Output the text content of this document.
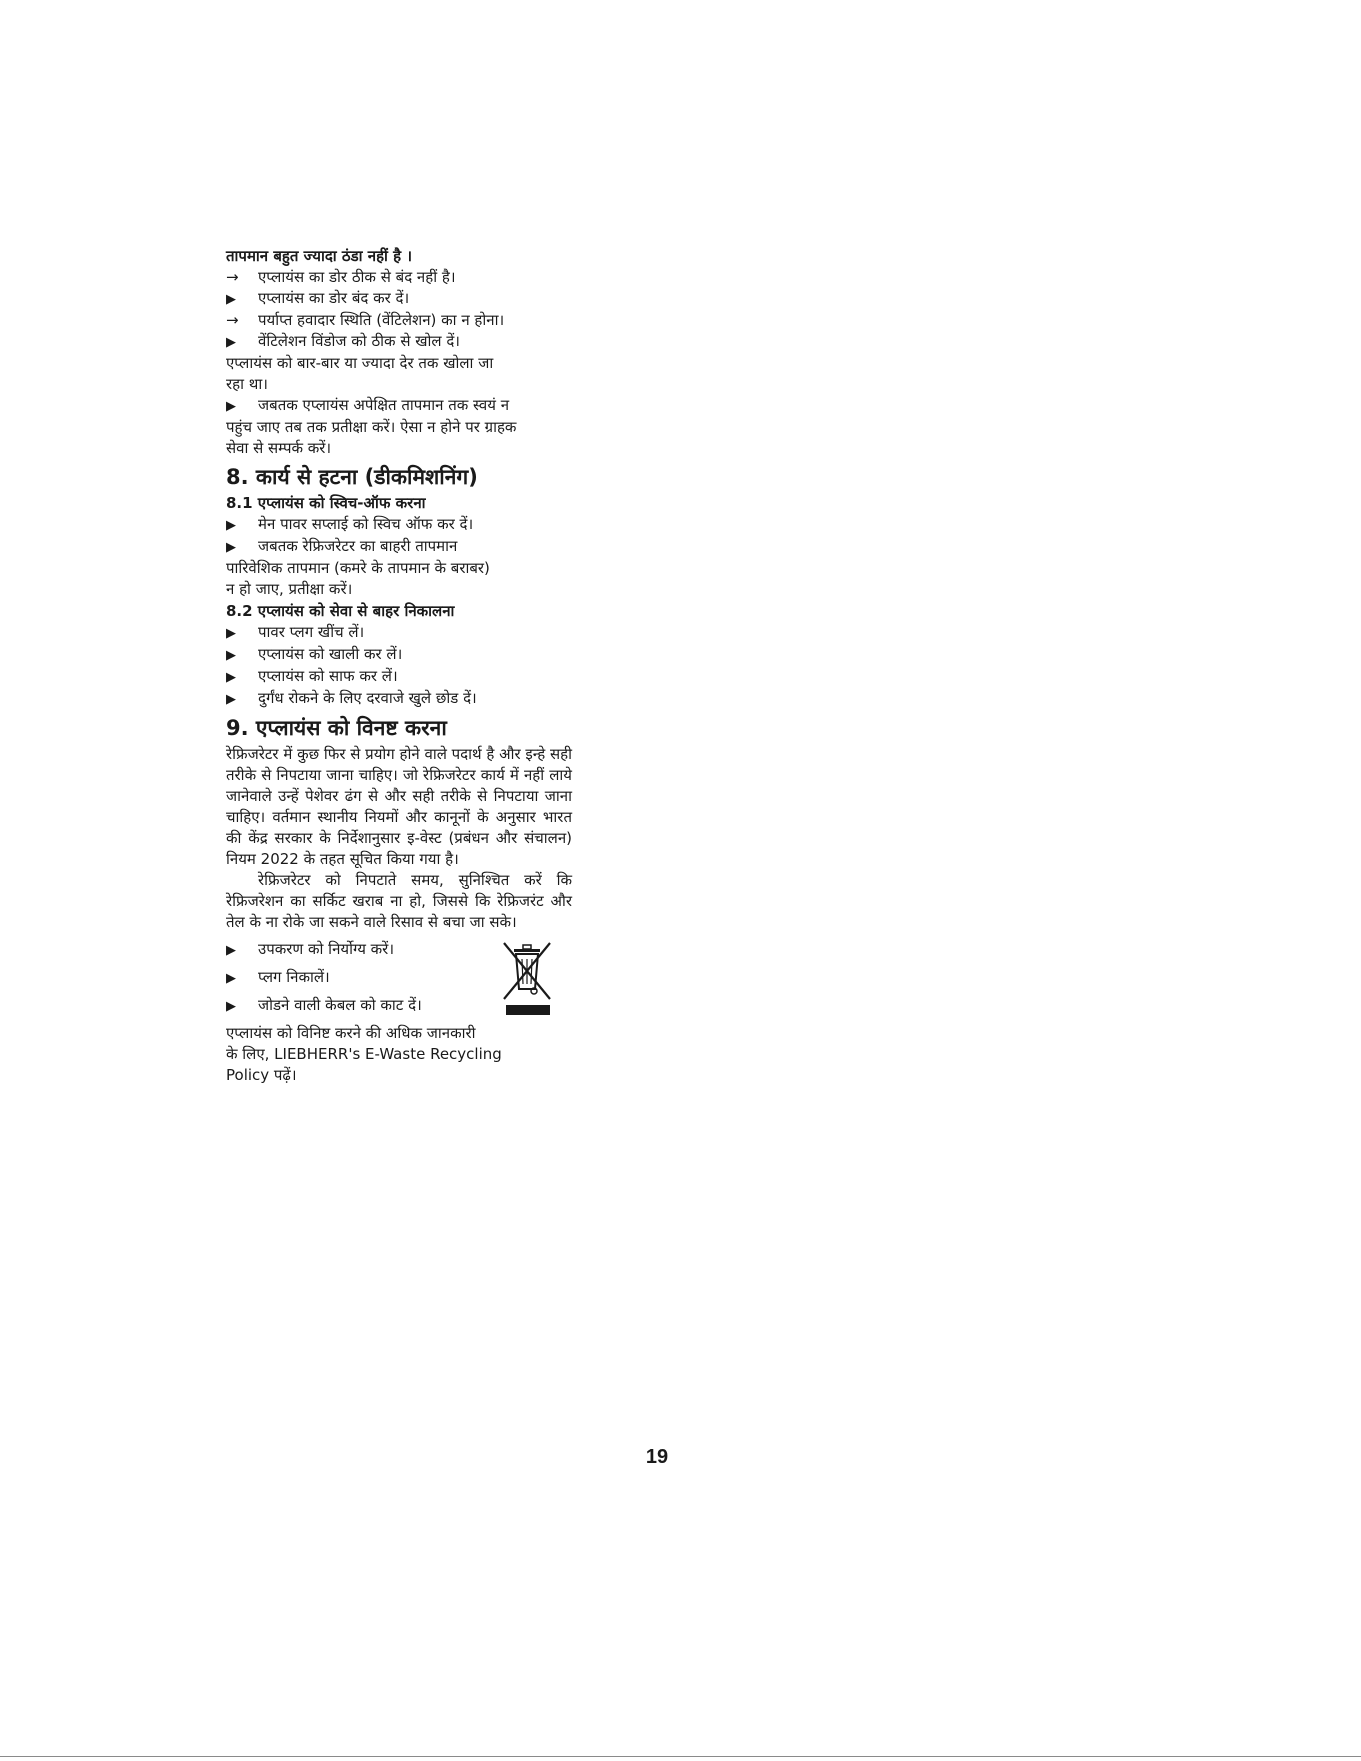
तापमान बहुत ज्यादा ठंडा नहीं है ।

→	एप्लायंस का डोर ठीक से बंद नहीं है।
▶	एप्लायंस का डोर बंद कर दें।
→	पर्याप्त हवादार स्थिति (वेंटिलेशन) का न होना।
▶	वेंटिलेशन विंडोज को ठीक से खोल दें।

एप्लायंस को बार-बार या ज्यादा देर तक खोला जा

रहा था।

▶	जबतक एप्लायंस अपेक्षित तापमान तक स्वयं न

पहुंच जाए तब तक प्रतीक्षा करें। ऐसा न होने पर ग्राहक

सेवा से सम्पर्क करें।

8. कार्य से हटना (डीकमिशनिंग)

8.1 एप्लायंस को स्विच-ऑफ करना

▶	मेन पावर सप्लाई को स्विच ऑफ कर दें।
▶	जबतक रेफ्रिजरेटर का बाहरी तापमान

पारिवेशिक तापमान (कमरे के तापमान के बराबर)

न हो जाए, प्रतीक्षा करें।

8.2 एप्लायंस को सेवा से बाहर निकालना

▶	पावर प्लग खींच लें।
▶	एप्लायंस को खाली कर लें।
▶	एप्लायंस को साफ कर लें।
▶	दुर्गंध रोकने के लिए दरवाजे खुले छोड दें।

9. एप्लायंस को विनष्ट करना

रेफ्रिजरेटर में कुछ फिर से प्रयोग होने वाले पदार्थ है और इन्हे सही तरीके से निपटाया जाना चाहिए। जो रेफ्रिजरेटर कार्य में नहीं लाये जानेवाले उन्हें पेशेवर ढंग से और सही तरीके से निपटाया जाना चाहिए। वर्तमान स्थानीय नियमों और कानूनों के अनुसार भारत की केंद्र सरकार के निर्देशानुसार इ-वेस्ट (प्रबंधन और संचालन) नियम 2022 के तहत सूचित किया गया है।

रेफ्रिजरेटर को निपटाते समय, सुनिश्चित करें कि रेफ्रिजरेशन का सर्किट खराब ना हो, जिससे कि रेफ्रिजरंट और तेल के ना रोके जा सकने वाले रिसाव से बचा जा सके।

▶	उपकरण को निर्योग्य करें।
▶	प्लग निकालें।
▶	जोडने वाली केबल को काट दें।

एप्लायंस को विनिष्ट करने की अधिक जानकारी

के लिए, LIEBHERR's E-Waste Recycling

Policy पढ़ें।

19
